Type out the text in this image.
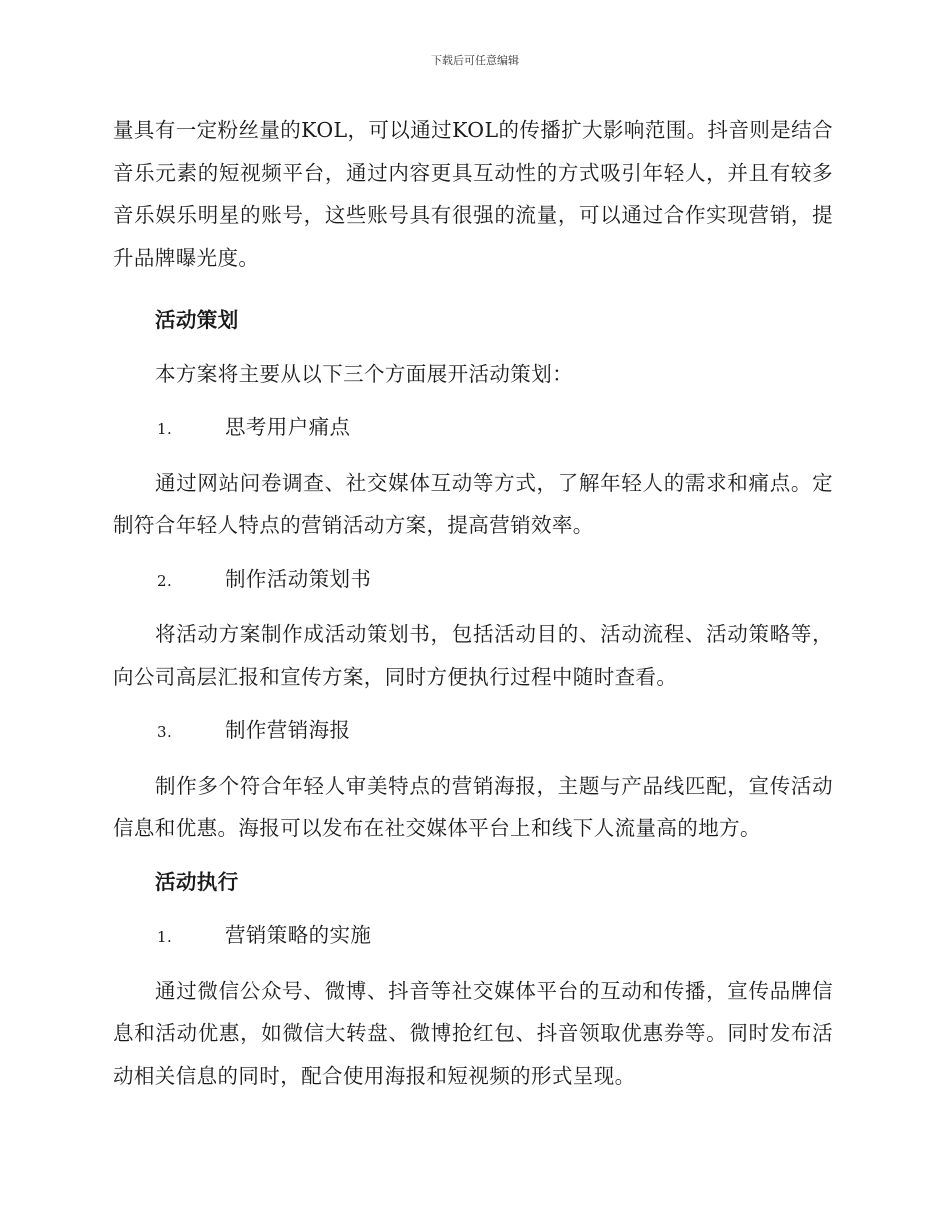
下载后可任意编辑
量具有一定粉丝量的KOL，可以通过KOL的传播扩大影响范围。抖音则是结合音乐元素的短视频平台，通过内容更具互动性的方式吸引年轻人，并且有较多音乐娱乐明星的账号，这些账号具有很强的流量，可以通过合作实现营销，提升品牌曝光度。
活动策划
本方案将主要从以下三个方面展开活动策划：
1.	思考用户痛点
通过网站问卷调查、社交媒体互动等方式，了解年轻人的需求和痛点。定制符合年轻人特点的营销活动方案，提高营销效率。
2.	制作活动策划书
将活动方案制作成活动策划书，包括活动目的、活动流程、活动策略等，向公司高层汇报和宣传方案，同时方便执行过程中随时查看。
3.	制作营销海报
制作多个符合年轻人审美特点的营销海报，主题与产品线匹配，宣传活动信息和优惠。海报可以发布在社交媒体平台上和线下人流量高的地方。
活动执行
1.	营销策略的实施
通过微信公众号、微博、抖音等社交媒体平台的互动和传播，宣传品牌信息和活动优惠，如微信大转盘、微博抢红包、抖音领取优惠券等。同时发布活动相关信息的同时，配合使用海报和短视频的形式呈现。
